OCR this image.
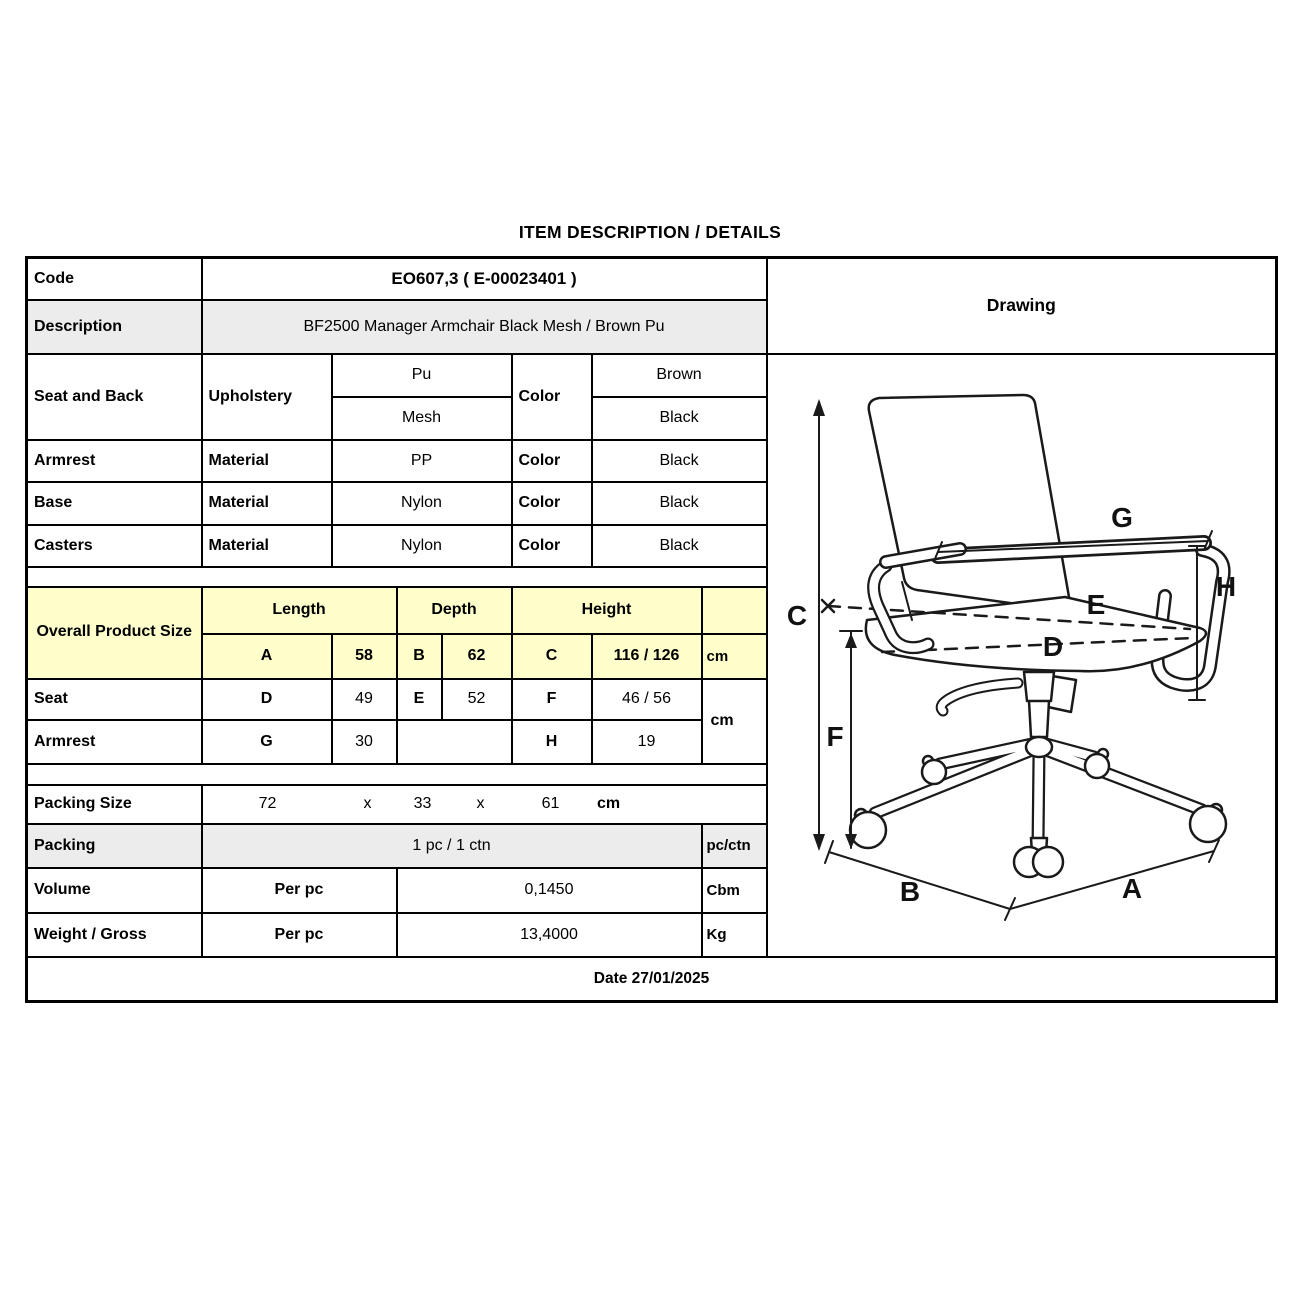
ITEM DESCRIPTION / DETAILS
Code	EO607,3 ( E-00023401 )							Drawing
Description	BF2500 Manager Armchair Black Mesh / Brown Pu							
Seat and Back	Upholstery	Pu			Color	Brown		
		Mesh				Black		
Armrest	Material	PP			Color	Black		
Base	Material	Nylon			Color	Black		
Casters	Material	Nylon			Color	Black		

Overall Product Size	Length		Depth		Height			
	A	58	B	62	C	116 / 126	cm	
Seat	D	49	E	52	F	46 / 56	cm	
Armrest	G	30			H	19		

Packing Size	72	x	33	x	61 cm

Packing	1 pc / 1 ctn						pc/ctn	
Volume	Per pc		0,1450				Cbm	
Weight / Gross	Per pc		13,4000				Kg	
Date 27/01/2025								
C
F
G
H
E
D
B	A
